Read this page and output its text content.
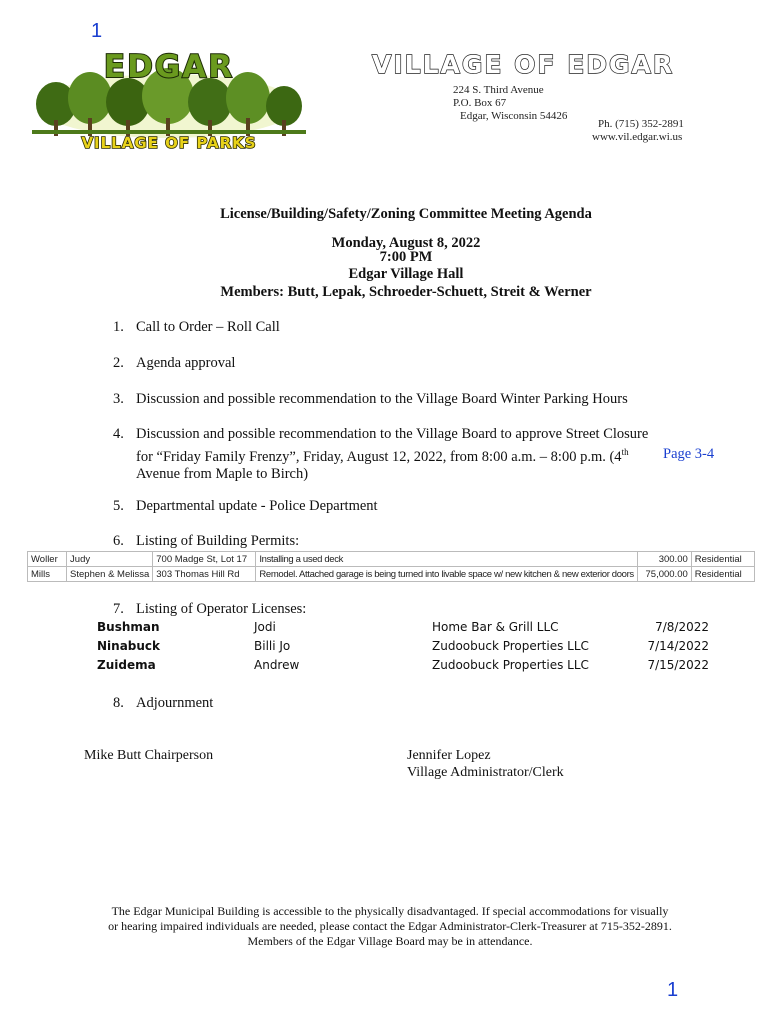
1
1
EDGAR
VILLAGE OF PARKS
VILLAGE OF EDGAR
224 S. Third Avenue
P.O. Box 67
Edgar, Wisconsin 54426
Ph. (715) 352-2891
www.vil.edgar.wi.us
License/Building/Safety/Zoning Committee Meeting Agenda
Monday, August 8, 2022
7:00 PM
Edgar Village Hall
Members: Butt, Lepak, Schroeder-Schuett, Streit & Werner
1. Call to Order – Roll Call
2. Agenda approval
3. Discussion and possible recommendation to the Village Board Winter Parking Hours
4. Discussion and possible recommendation to the Village Board to approve Street Closure
for “Friday Family Frenzy”, Friday, August 12, 2022, from 8:00 a.m. – 8:00 p.m. (4th
Avenue from Maple to Birch)
Page 3-4
5. Departmental update - Police Department
6. Listing of Building Permits:
Woller	Judy	700 Madge St, Lot 17	Installing a used deck	300.00	Residential
Mills	Stephen & Melissa	303 Thomas Hill Rd	Remodel. Attached garage is being turned into livable space w/ new kitchen & new exterior doors	75,000.00	Residential
7. Listing of Operator Licenses:
Bushman	Jodi	Home Bar & Grill LLC	7/8/2022
Ninabuck	Billi Jo	Zudoobuck Properties LLC	7/14/2022
Zuidema	Andrew	Zudoobuck Properties LLC	7/15/2022
8. Adjournment
Mike Butt Chairperson	Jennifer Lopez
Village Administrator/Clerk
The Edgar Municipal Building is accessible to the physically disadvantaged. If special accommodations for visually
or hearing impaired individuals are needed, please contact the Edgar Administrator-Clerk-Treasurer at 715-352-2891.
Members of the Edgar Village Board may be in attendance.
